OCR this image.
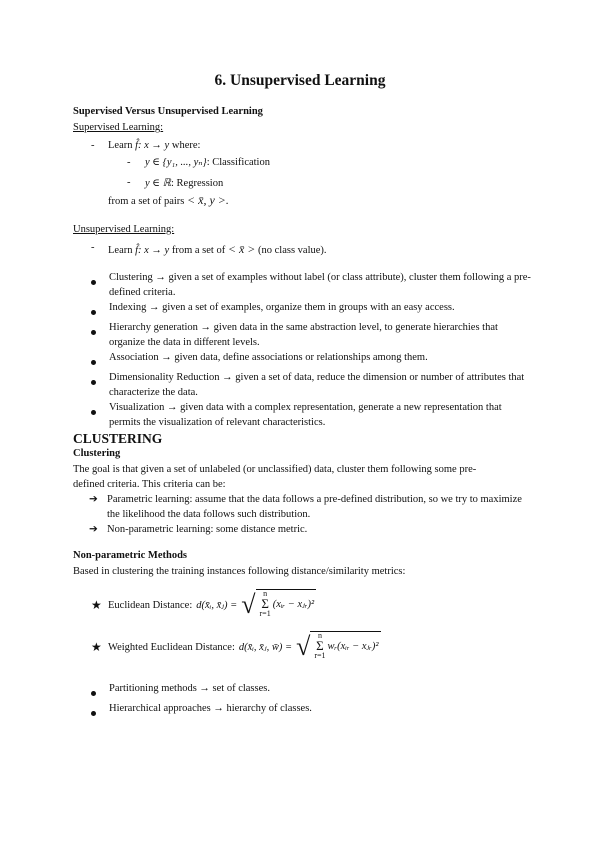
6. Unsupervised Learning
Supervised Versus Unsupervised Learning
Supervised Learning:
- Learn f̂: x → y where:
- y ∈ {y₁, ..., yₙ}: Classification
- y ∈ ℝ: Regression
from a set of pairs < x̄, y >.
Unsupervised Learning:
- Learn f̂: x → y from a set of < x̄ > (no class value).
Clustering → given a set of examples without label (or class attribute), cluster them following a pre-defined criteria.
Indexing → given a set of examples, organize them in groups with an easy access.
Hierarchy generation → given data in the same abstraction level, to generate hierarchies that organize the data in different levels.
Association → given data, define associations or relationships among them.
Dimensionality Reduction → given a set of data, reduce the dimension or number of attributes that characterize the data.
Visualization → given data with a complex representation, generate a new representation that permits the visualization of relevant characteristics.
CLUSTERING
Clustering
The goal is that given a set of unlabeled (or unclassified) data, cluster them following some pre-defined criteria. This criteria can be:
➔ Parametric learning: assume that the data follows a pre-defined distribution, so we try to maximize the likelihood the data follows such distribution.
➔ Non-parametric learning: some distance metric.
Non-parametric Methods
Based in clustering the training instances following distance/similarity metrics:
★ Euclidean Distance: d(x̄ᵢ, x̄ⱼ) = √ n
Σ
r=1
(xᵢᵣ − xⱼᵣ)²
★ Weighted Euclidean Distance: d(x̄ᵢ, x̄ⱼ, w̄) = √ n
Σ
r=1
wᵣ(xᵢᵣ − xⱼᵣ)²
Partitioning methods → set of classes.
Hierarchical approaches → hierarchy of classes.
